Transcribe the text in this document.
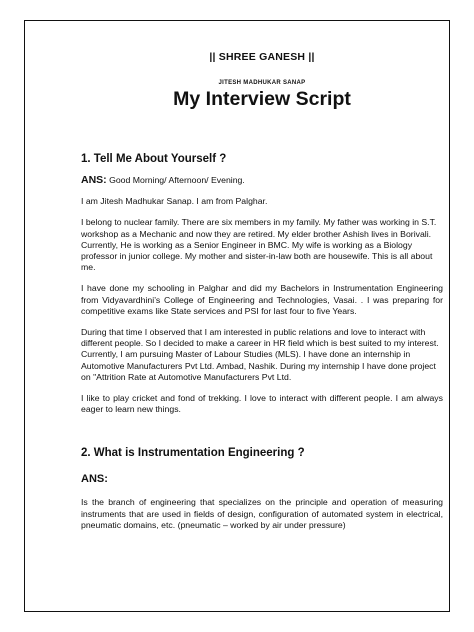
|| SHREE GANESH ||
JITESH MADHUKAR SANAP
My Interview Script
1. Tell Me About Yourself ?

ANS: Good Morning/ Afternoon/ Evening.

I am Jitesh Madhukar Sanap. I am from Palghar.

I belong to nuclear family. There are six members in my family. My father was working in S.T. workshop as a Mechanic and now they are retired. My elder brother Ashish lives in Borivali. Currently, He is working as a Senior Engineer in BMC. My wife is working as a Biology professor in junior college. My mother and sister-in-law both are housewife. This is all about me.

I have done my schooling in Palghar and did my Bachelors in Instrumentation Engineering from Vidyavardhini’s College of Engineering and Technologies, Vasai. . I was preparing for competitive exams like State services and PSI for last four to five Years.

During that time I observed that I am interested in public relations and love to interact with different people. So I decided to make a career in HR field which is best suited to my interest. Currently, I am pursuing Master of Labour Studies (MLS). I have done an internship in Automotive Manufacturers Pvt Ltd. Ambad, Nashik. During my internship I have done project on "Attrition Rate at Automotive Manufacturers Pvt Ltd.

I like to play cricket and fond of trekking. I love to interact with different people. I am always eager to learn new things.

2. What is Instrumentation Engineering ?
ANS:

Is the branch of engineering that specializes on the principle and operation of measuring instruments that are used in fields of design, configuration of automated system in electrical, pneumatic domains, etc. (pneumatic – worked by air under pressure)
